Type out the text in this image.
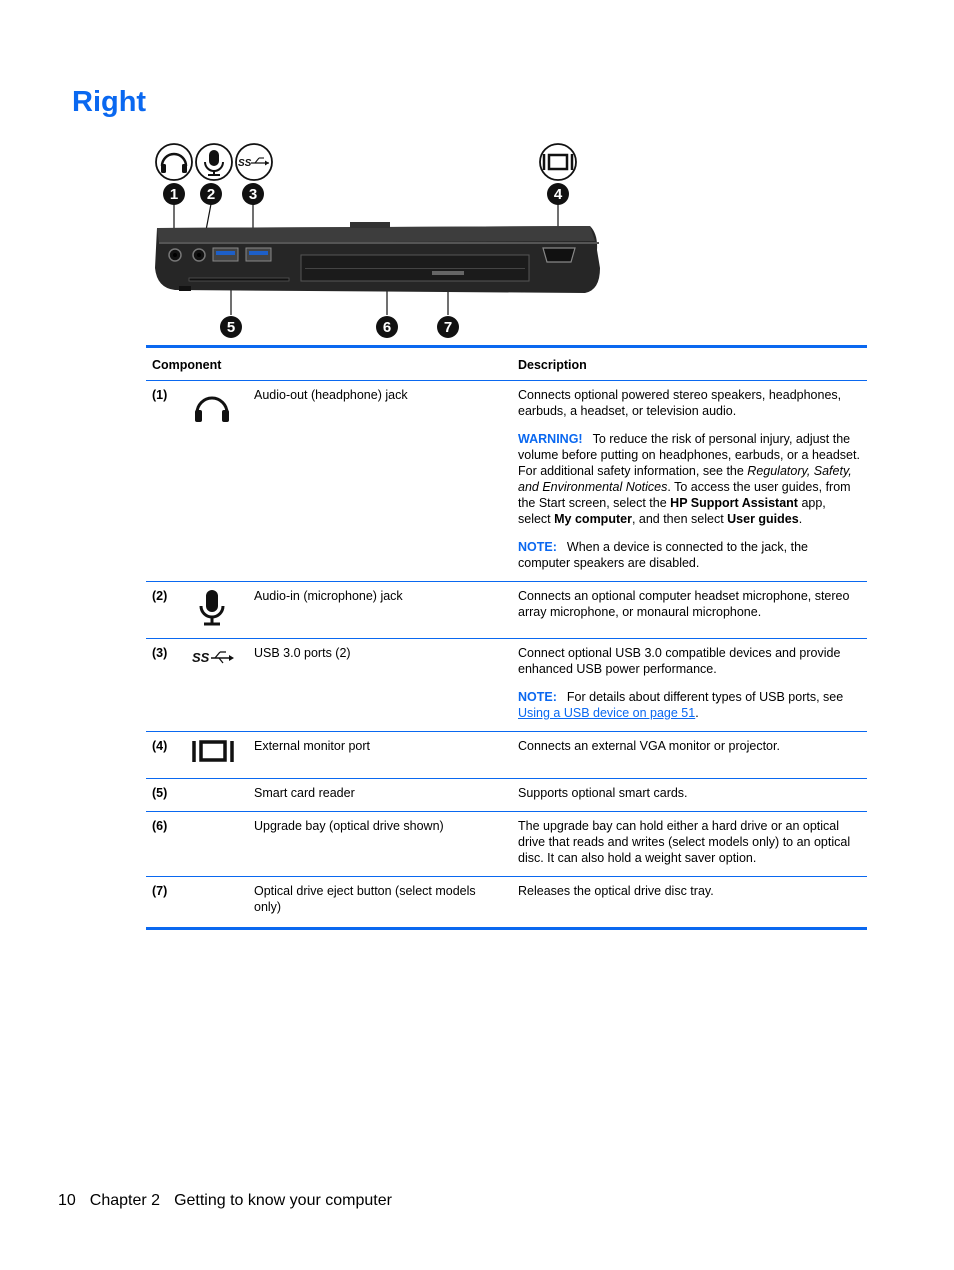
Right
SS
1 2 3	4
5	6	7
Component			Description
(1)		Audio-out (headphone) jack	Connects optional powered stereo speakers, headphones, earbuds, a headset, or television audio.

WARNING! To reduce the risk of personal injury, adjust the volume before putting on headphones, earbuds, or a headset. For additional safety information, see the Regulatory, Safety, and Environmental Notices. To access the user guides, from the Start screen, select the HP Support Assistant app, select My computer, and then select User guides.

NOTE: When a device is connected to the jack, the computer speakers are disabled.

(2)		Audio-in (microphone) jack	Connects an optional computer headset microphone, stereo array microphone, or monaural microphone.

(3)	SS	USB 3.0 ports (2)	Connect optional USB 3.0 compatible devices and provide enhanced USB power performance.

NOTE: For details about different types of USB ports, see Using a USB device on page 51.

(4)		External monitor port	Connects an external VGA monitor or projector.

(5)		Smart card reader	Supports optional smart cards.

(6)		Upgrade bay (optical drive shown)	The upgrade bay can hold either a hard drive or an optical drive that reads and writes (select models only) to an optical disc. It can also hold a weight saver option.

(7)		Optical drive eject button (select models only)	Releases the optical drive disc tray.

10 Chapter 2 Getting to know your computer
